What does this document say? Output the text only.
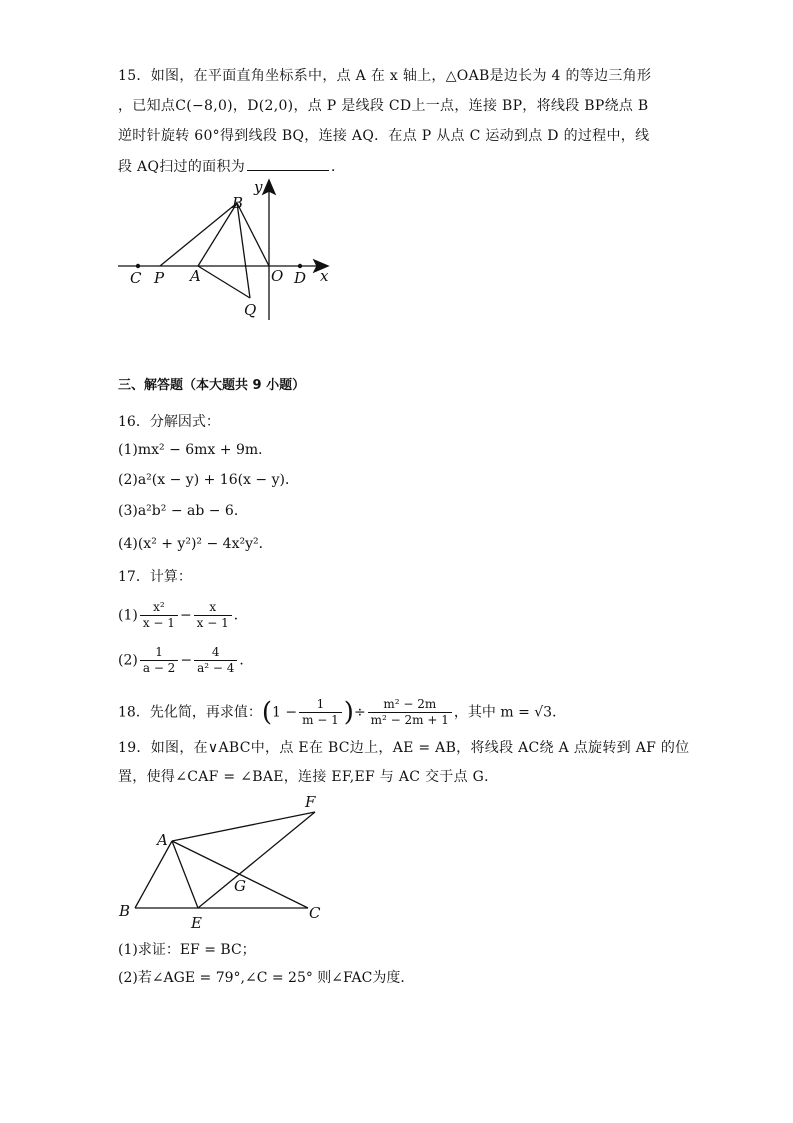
15．如图，在平面直角坐标系中，点 A 在 x 轴上，△OAB是边长为 4 的等边三角形
，已知点C(−8,0)，D(2,0)，点 P 是线段 CD上一点，连接 BP，将线段 BP绕点 B
逆时针旋转 60°得到线段 BQ，连接 AQ．在点 P 从点 C 运动到点 D 的过程中，线
段 AQ扫过的面积为	．
y
x
B
C P A	O D
Q
三、解答题（本大题共 9 小题）
16．分解因式：
(1)mx² − 6mx + 9m．
(2)a²(x − y) + 16(x − y)．
(3)a²b² − ab − 6．
(4)(x² + y²)² − 4x²y²．
17．计算：
$(1) \frac{\text{x²}}{x - 1} - \frac{x}{x - 1}$ ．
$(2) \frac{1}{a - 2} - \frac{4}{\text{a² − 4}}$ ．
18．先化简，再求值：($1 - \frac{1}{m - 1}$ )÷ $\frac{\text{m² − 2m}}{\text{m² − 2m + 1}}$ ，其中 m = √3．
19．如图，在∨ABC中，点 E在 BC边上，AE = AB，将线段 AC绕 A 点旋转到 AF 的位
置，使得∠CAF = ∠BAE，连接 EF,EF 与 AC 交于点 G．
F
A
G
B
E
C
(1)求证：EF = BC；
(2)若∠AGE = 79°,∠C = 25° 则∠FAC为度．
